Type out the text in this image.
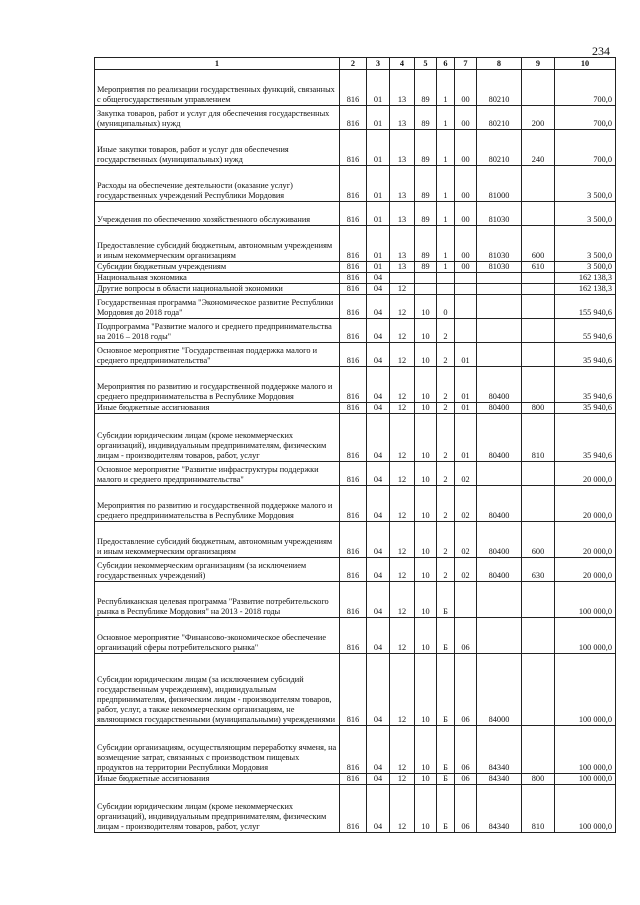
234
1	2	3	4	5	6	7	8	9	10
Мероприятия по реализации государственных функций, связанных с общегосударственным управлением	816	01	13	89	1	00	80210		700,0
Закупка товаров, работ и услуг для обеспечения государственных (муниципальных) нужд	816	01	13	89	1	00	80210	200	700,0
Иные закупки товаров, работ и услуг для обеспечения государственных (муниципальных) нужд	816	01	13	89	1	00	80210	240	700,0
Расходы на обеспечение деятельности (оказание услуг) государственных учреждений Республики Мордовия	816	01	13	89	1	00	81000		3 500,0
Учреждения по обеспечению хозяйственного обслуживания	816	01	13	89	1	00	81030		3 500,0
Предоставление субсидий бюджетным, автономным учреждениям и иным некоммерческим организациям	816	01	13	89	1	00	81030	600	3 500,0
Субсидии бюджетным учреждениям	816	01	13	89	1	00	81030	610	3 500,0
Национальная экономика	816	04							162 138,3
Другие вопросы в области национальной экономики	816	04	12						162 138,3
Государственная программа "Экономическое развитие Республики Мордовия до 2018 года"	816	04	12	10	0				155 940,6
Подпрограмма "Развитие малого и среднего предпринимательства на 2016 – 2018 годы"	816	04	12	10	2				55 940,6
Основное мероприятие "Государственная поддержка малого и среднего предпринимательства"	816	04	12	10	2	01			35 940,6
Мероприятия по развитию и государственной поддержке малого и среднего предпринимательства в Республике Мордовия	816	04	12	10	2	01	80400		35 940,6
Иные бюджетные ассигнования	816	04	12	10	2	01	80400	800	35 940,6
Субсидии юридическим лицам (кроме некоммерческих организаций), индивидуальным предпринимателям, физическим лицам - производителям товаров, работ, услуг	816	04	12	10	2	01	80400	810	35 940,6
Основное мероприятие "Развитие инфраструктуры поддержки малого и среднего предпринимательства"	816	04	12	10	2	02			20 000,0
Мероприятия по развитию и государственной поддержке малого и среднего предпринимательства в Республике Мордовия	816	04	12	10	2	02	80400		20 000,0
Предоставление субсидий бюджетным, автономным учреждениям и иным некоммерческим организациям	816	04	12	10	2	02	80400	600	20 000,0
Субсидии некоммерческим организациям (за исключением государственных учреждений)	816	04	12	10	2	02	80400	630	20 000,0
Республиканская целевая программа "Развитие потребительского рынка в Республике Мордовия" на 2013 - 2018 годы	816	04	12	10	Б				100 000,0
Основное мероприятие "Финансово-экономическое обеспечение организаций сферы потребительского рынка"	816	04	12	10	Б	06			100 000,0
Субсидии юридическим лицам (за исключением субсидий государственным учреждениям), индивидуальным предпринимателям, физическим лицам - производителям товаров, работ, услуг, а также некоммерческим организациям, не являющимся государственными (муниципальными) учреждениями	816	04	12	10	Б	06	84000		100 000,0
Субсидии организациям, осуществляющим переработку ячменя, на возмещение затрат, связанных с производством пищевых продуктов на территории Республики Мордовия	816	04	12	10	Б	06	84340		100 000,0
Иные бюджетные ассигнования	816	04	12	10	Б	06	84340	800	100 000,0
Субсидии юридическим лицам (кроме некоммерческих организаций), индивидуальным предпринимателям, физическим лицам - производителям товаров, работ, услуг	816	04	12	10	Б	06	84340	810	100 000,0
